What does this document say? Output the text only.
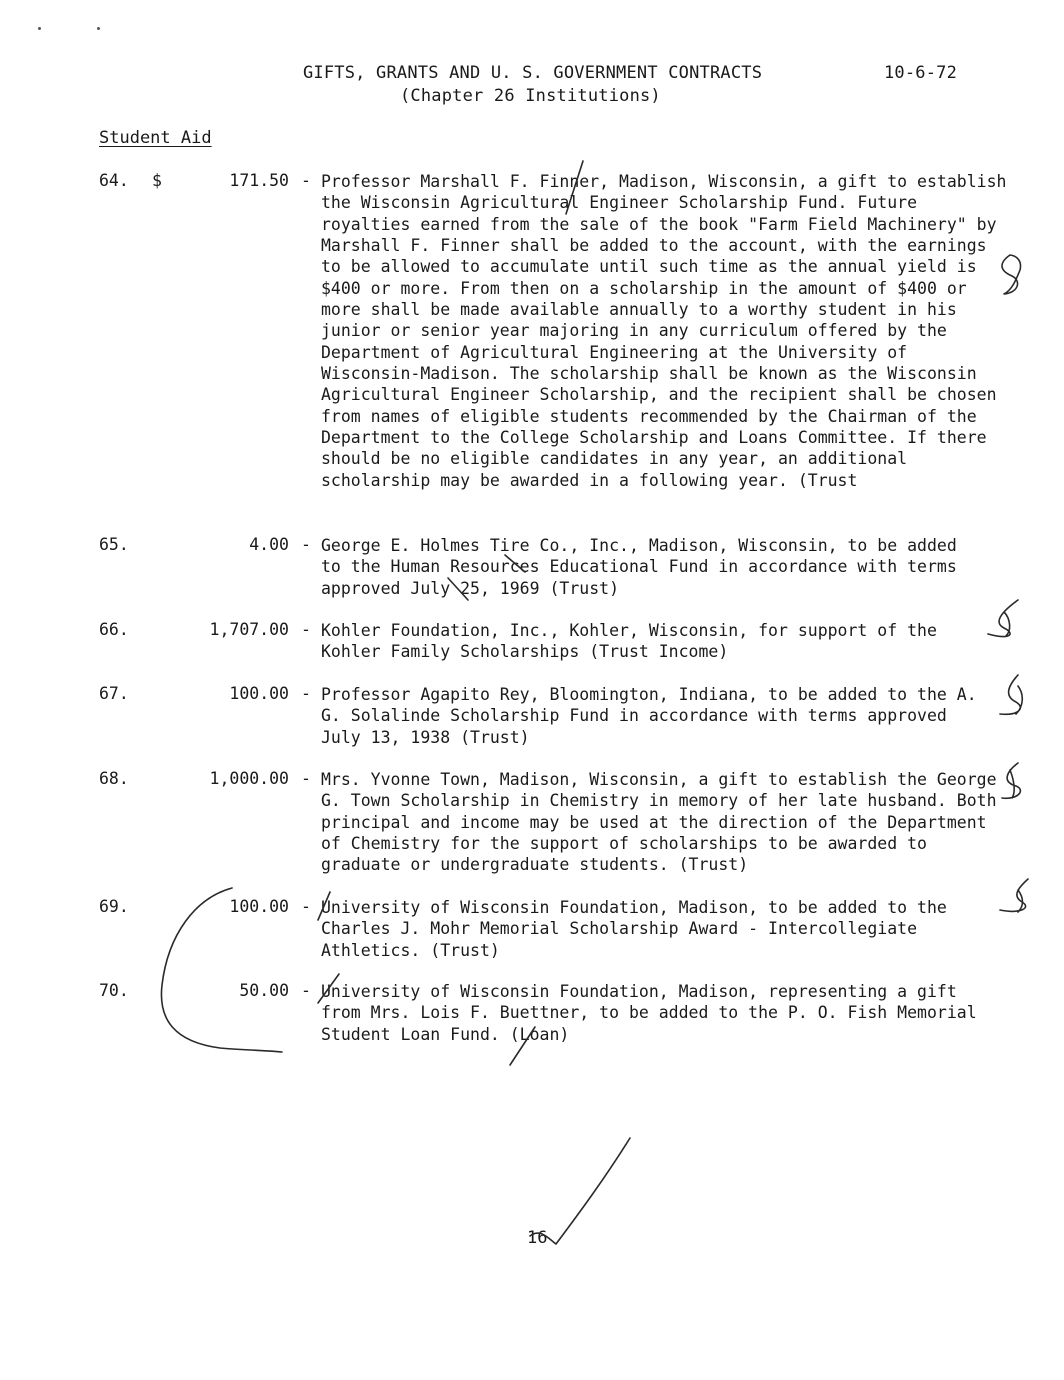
GIFTS, GRANTS AND U. S. GOVERNMENT CONTRACTS	10-6-72
(Chapter 26 Institutions)
Student Aid
64. $	171.50 - Professor Marshall F. Finner, Madison, Wisconsin, a gift to establish the Wisconsin Agricultural Engineer Scholarship Fund. Future royalties earned from the sale of the book "Farm Field Machinery" by Marshall F. Finner shall be added to the account, with the earnings to be allowed to accumulate until such time as the annual yield is $400 or more. From then on a scholarship in the amount of $400 or more shall be made available annually to a worthy student in his junior or senior year majoring in any curriculum offered by the Department of Agricultural Engineering at the University of Wisconsin-Madison. The scholarship shall be known as the Wisconsin Agricultural Engineer Scholarship, and the recipient shall be chosen from names of eligible students recommended by the Chairman of the Department to the College Scholarship and Loans Committee. If there should be no eligible candidates in any year, an additional scholarship may be awarded in a following year. (Trust

65.	4.00 - George E. Holmes Tire Co., Inc., Madison, Wisconsin, to be added to the Human Resources Educational Fund in accordance with terms approved July 25, 1969 (Trust)

66.	1,707.00 - Kohler Foundation, Inc., Kohler, Wisconsin, for support of the Kohler Family Scholarships (Trust Income)

67.	100.00 - Professor Agapito Rey, Bloomington, Indiana, to be added to the A. G. Solalinde Scholarship Fund in accordance with terms approved July 13, 1938 (Trust)

68.	1,000.00 - Mrs. Yvonne Town, Madison, Wisconsin, a gift to establish the George G. Town Scholarship in Chemistry in memory of her late husband. Both principal and income may be used at the direction of the Department of Chemistry for the support of scholarships to be awarded to graduate or undergraduate students. (Trust)

69.	100.00 - University of Wisconsin Foundation, Madison, to be added to the Charles J. Mohr Memorial Scholarship Award - Intercollegiate Athletics. (Trust)

70.	50.00 - University of Wisconsin Foundation, Madison, representing a gift from Mrs. Lois F. Buettner, to be added to the P. O. Fish Memorial Student Loan Fund. (Loan)

16
